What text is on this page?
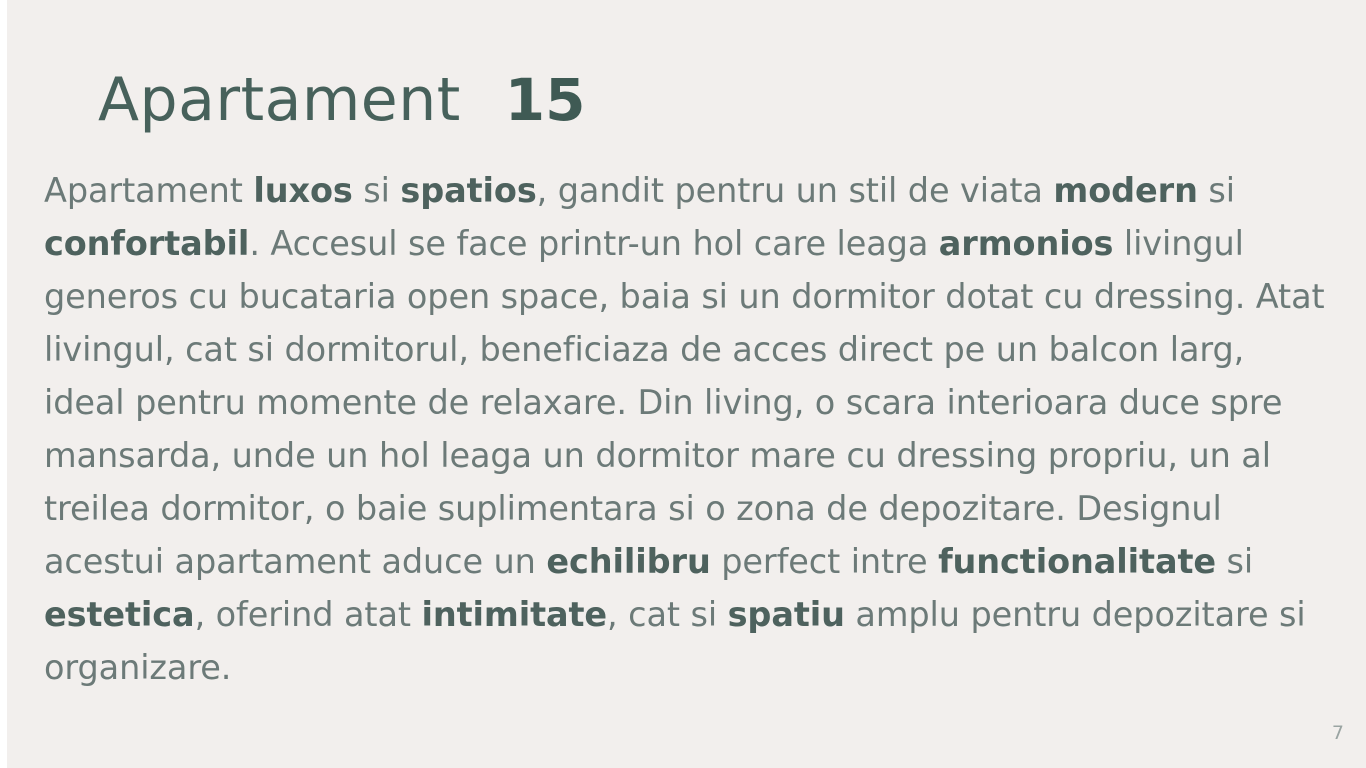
Apartament 15
Apartament luxos si spatios, gandit pentru un stil de viata modern si confortabil. Accesul se face printr-un hol care leaga armonios livingul generos cu bucataria open space, baia si un dormitor dotat cu dressing. Atat livingul, cat si dormitorul, beneficiaza de acces direct pe un balcon larg, ideal pentru momente de relaxare. Din living, o scara interioara duce spre mansarda, unde un hol leaga un dormitor mare cu dressing propriu, un al treilea dormitor, o baie suplimentara si o zona de depozitare. Designul acestui apartament aduce un echilibru perfect intre functionalitate si estetica, oferind atat intimitate, cat si spatiu amplu pentru depozitare si organizare.
7
